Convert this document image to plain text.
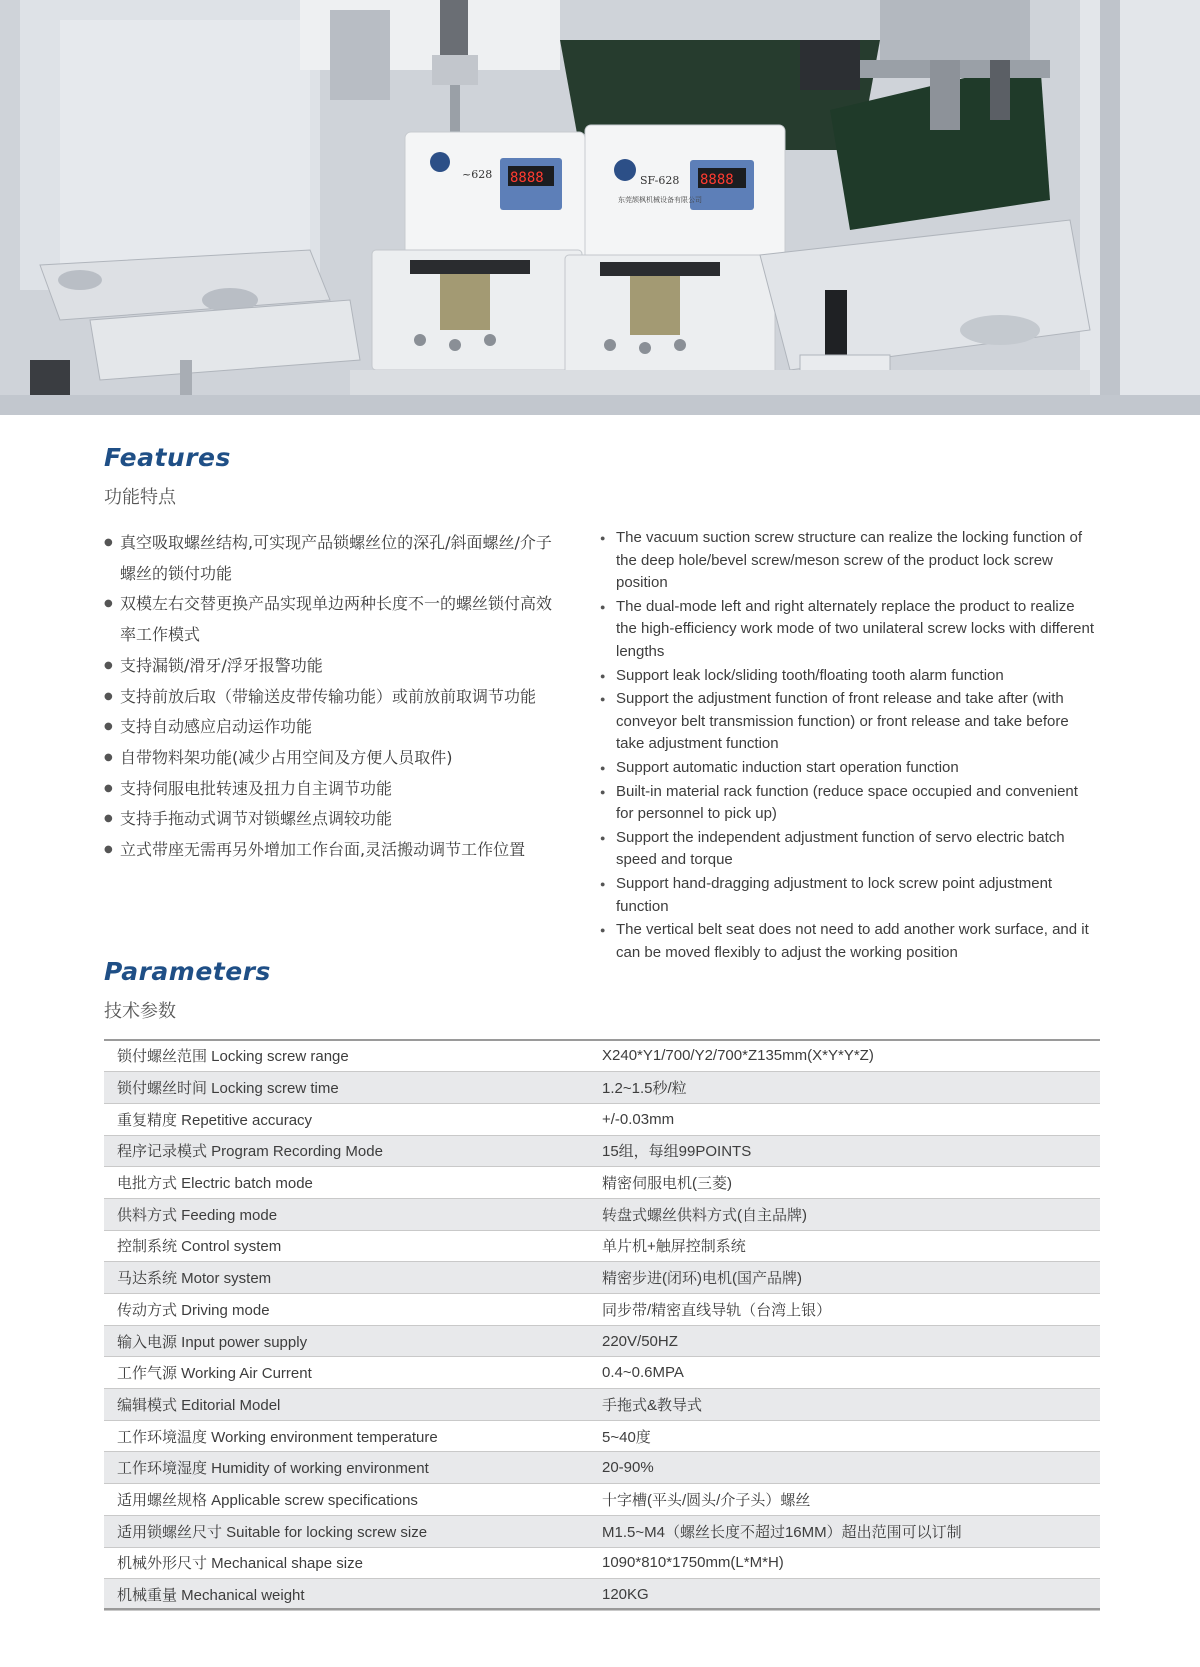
8888
~628	8888
SF-628
东莞颉枫机械设备有限公司
Features
功能特点
● 真空吸取螺丝结构,可实现产品锁螺丝位的深孔/斜面螺丝/介子螺丝的锁付功能
● 双模左右交替更换产品实现单边两种长度不一的螺丝锁付高效率工作模式
● 支持漏锁/滑牙/浮牙报警功能
● 支持前放后取（带输送皮带传输功能）或前放前取调节功能
● 支持自动感应启动运作功能
● 自带物料架功能(减少占用空间及方便人员取件)
● 支持伺服电批转速及扭力自主调节功能
● 支持手拖动式调节对锁螺丝点调较功能
● 立式带座无需再另外增加工作台面,灵活搬动调节工作位置
● The vacuum suction screw structure can realize the locking function of the deep hole/bevel screw/meson screw of the product lock screw position
● The dual-mode left and right alternately replace the product to realize the high-efficiency work mode of two unilateral screw locks with different lengths
● Support leak lock/sliding tooth/floating tooth alarm function
● Support the adjustment function of front release and take after (with conveyor belt transmission function) or front release and take before take adjustment function
● Support automatic induction start operation function
● Built-in material rack function (reduce space occupied and convenient for personnel to pick up)
● Support the independent adjustment function of servo electric batch speed and torque
● Support hand-dragging adjustment to lock screw point adjustment function
● The vertical belt seat does not need to add another work surface, and it can be moved flexibly to adjust the working position
Parameters
技术参数
锁付螺丝范围 Locking screw range	X240*Y1/700/Y2/700*Z135mm(X*Y*Y*Z)
锁付螺丝时间 Locking screw time	1.2~1.5秒/粒
重复精度 Repetitive accuracy	+/-0.03mm
程序记录模式 Program Recording Mode	15组，每组99POINTS
电批方式 Electric batch mode	精密伺服电机(三菱)
供料方式 Feeding mode	转盘式螺丝供料方式(自主品牌)
控制系统 Control system	单片机+触屏控制系统
马达系统 Motor system	精密步进(闭环)电机(国产品牌)
传动方式 Driving mode	同步带/精密直线导轨（台湾上银）
输入电源 Input power supply	220V/50HZ
工作气源 Working Air Current	0.4~0.6MPA
编辑模式 Editorial Model	手拖式&教导式
工作环境温度 Working environment temperature	5~40度
工作环境湿度 Humidity of working environment	20-90%
适用螺丝规格 Applicable screw specifications	十字槽(平头/圆头/介子头）螺丝
适用锁螺丝尺寸 Suitable for locking screw size	M1.5~M4（螺丝长度不超过16MM）超出范围可以订制
机械外形尺寸 Mechanical shape size	1090*810*1750mm(L*M*H)
机械重量 Mechanical weight	120KG
